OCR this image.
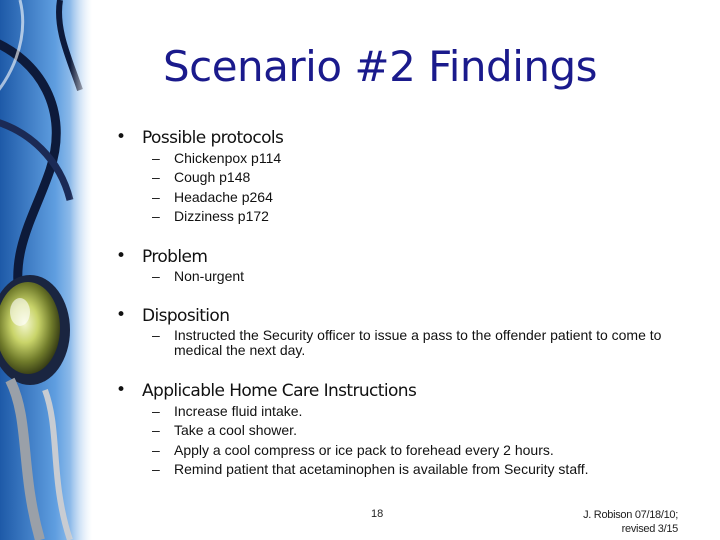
Scenario #2 Findings
• Possible protocols
– Chickenpox p114
– Cough p148
– Headache p264
– Dizziness p172
• Problem
– Non-urgent
• Disposition
– Instructed the Security officer to issue a pass to the offender patient to come to medical the next day.
• Applicable Home Care Instructions
– Increase fluid intake.
– Take a cool shower.
– Apply a cool compress or ice pack to forehead every 2 hours.
– Remind patient that acetaminophen is available from Security staff.
18	J. Robison 07/18/10;
revised 3/15
